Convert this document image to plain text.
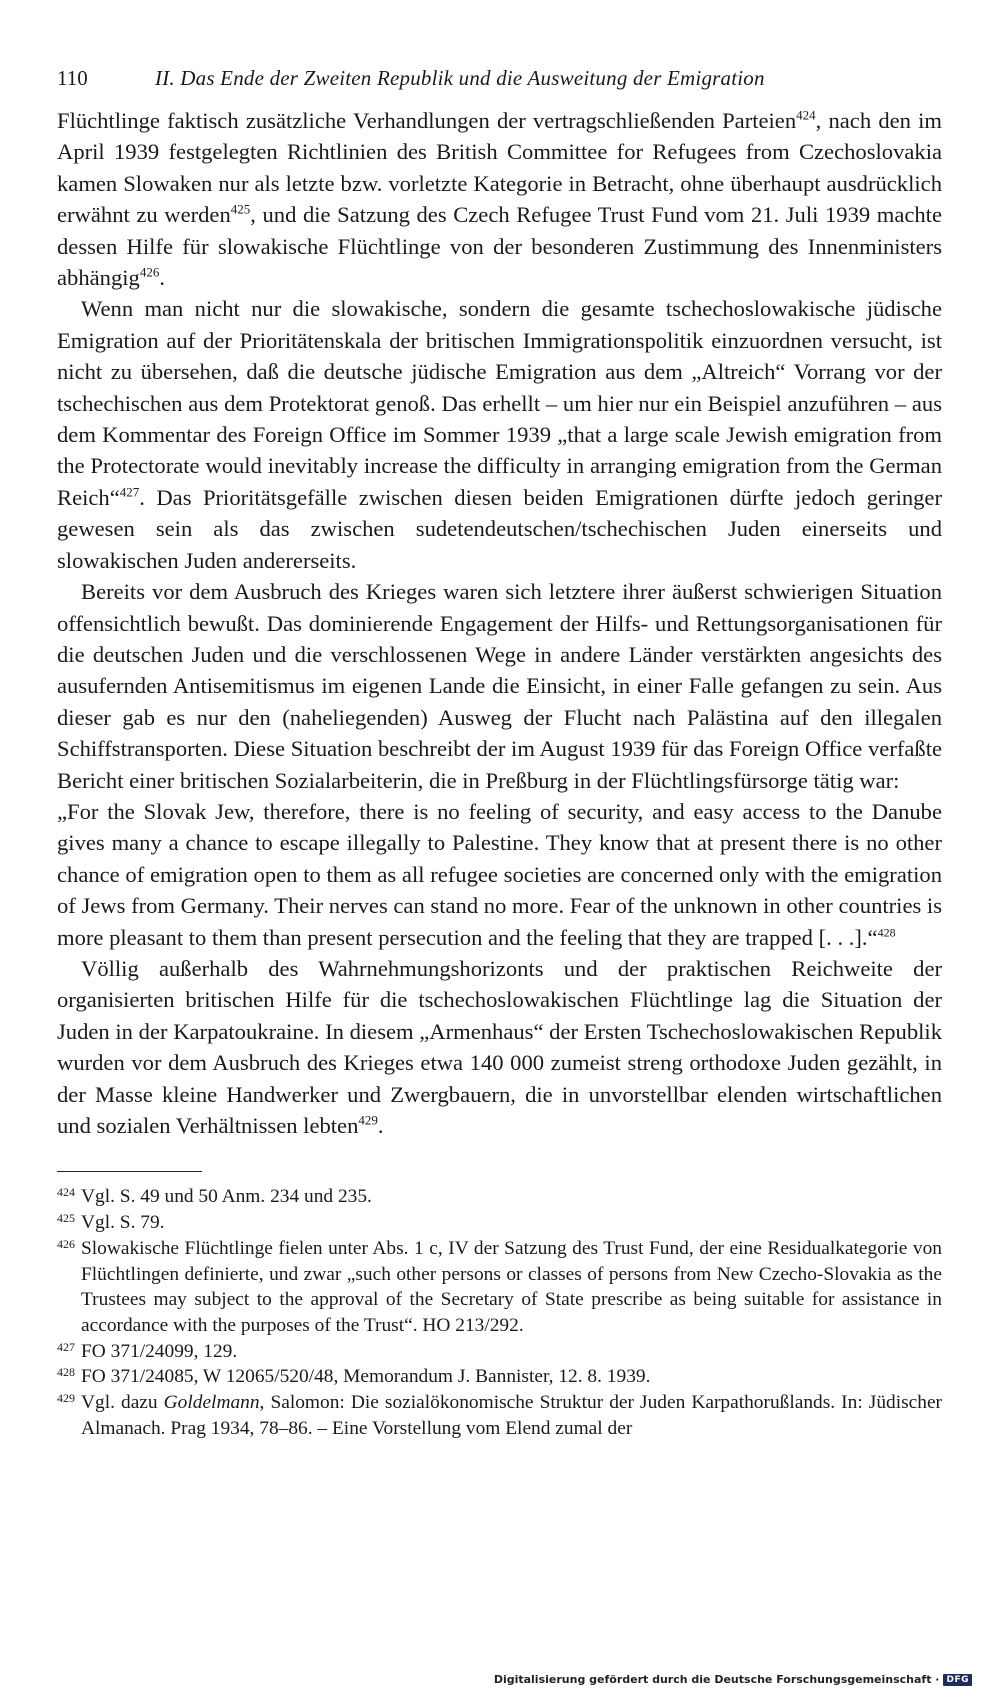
110	II. Das Ende der Zweiten Republik und die Ausweitung der Emigration

Flüchtlinge faktisch zusätzliche Verhandlungen der vertragschließenden Parteien$^{424}$, nach den im April 1939 festgelegten Richtlinien des British Committee for Refugees from Czechoslovakia kamen Slowaken nur als letzte bzw. vorletzte Kategorie in Betracht, ohne überhaupt ausdrücklich erwähnt zu werden$^{425}$, und die Satzung des Czech Refugee Trust Fund vom 21. Juli 1939 machte dessen Hilfe für slowakische Flüchtlinge von der besonderen Zustimmung des Innenministers abhängig$^{426}$.

Wenn man nicht nur die slowakische, sondern die gesamte tschechoslowakische jüdische Emigration auf der Prioritätenskala der britischen Immigrationspolitik einzuordnen versucht, ist nicht zu übersehen, daß die deutsche jüdische Emigration aus dem „Altreich“ Vorrang vor der tschechischen aus dem Protektorat genoß. Das erhellt – um hier nur ein Beispiel anzuführen – aus dem Kommentar des Foreign Office im Sommer 1939 „that a large scale Jewish emigration from the Protectorate would inevitably increase the difficulty in arranging emigration from the German Reich“$^{427}$. Das Prioritätsgefälle zwischen diesen beiden Emigrationen dürfte jedoch geringer gewesen sein als das zwischen sudetendeutschen/tschechischen Juden einerseits und slowakischen Juden andererseits.

Bereits vor dem Ausbruch des Krieges waren sich letztere ihrer äußerst schwierigen Situation offensichtlich bewußt. Das dominierende Engagement der Hilfs- und Rettungsorganisationen für die deutschen Juden und die verschlossenen Wege in andere Länder verstärkten angesichts des ausufernden Antisemitismus im eigenen Lande die Einsicht, in einer Falle gefangen zu sein. Aus dieser gab es nur den (naheliegenden) Ausweg der Flucht nach Palästina auf den illegalen Schiffstransporten. Diese Situation beschreibt der im August 1939 für das Foreign Office verfaßte Bericht einer britischen Sozialarbeiterin, die in Preßburg in der Flüchtlingsfürsorge tätig war:

„For the Slovak Jew, therefore, there is no feeling of security, and easy access to the Danube gives many a chance to escape illegally to Palestine. They know that at present there is no other chance of emigration open to them as all refugee societies are concerned only with the emigration of Jews from Germany. Their nerves can stand no more. Fear of the unknown in other countries is more pleasant to them than present persecution and the feeling that they are trapped [. . .].“$^{428}$

Völlig außerhalb des Wahrnehmungshorizonts und der praktischen Reichweite der organisierten britischen Hilfe für die tschechoslowakischen Flüchtlinge lag die Situation der Juden in der Karpatoukraine. In diesem „Armenhaus“ der Ersten Tschechoslowakischen Republik wurden vor dem Ausbruch des Krieges etwa 140 000 zumeist streng orthodoxe Juden gezählt, in der Masse kleine Handwerker und Zwergbauern, die in unvorstellbar elenden wirtschaftlichen und sozialen Verhältnissen lebten$^{429}$.

424 Vgl. S. 49 und 50 Anm. 234 und 235.
425 Vgl. S. 79.
426 Slowakische Flüchtlinge fielen unter Abs. 1 c, IV der Satzung des Trust Fund, der eine Residualkategorie von Flüchtlingen definierte, und zwar „such other persons or classes of persons from New Czecho-Slovakia as the Trustees may subject to the approval of the Secretary of State prescribe as being suitable for assistance in accordance with the purposes of the Trust“. HO 213/292.
427 FO 371/24099, 129.
428 FO 371/24085, W 12065/520/48, Memorandum J. Bannister, 12. 8. 1939.
429 Vgl. dazu Goldelmann, Salomon: Die sozialökonomische Struktur der Juden Karpathorußlands. In: Jüdischer Almanach. Prag 1934, 78–86. – Eine Vorstellung vom Elend zumal der
Digitalisierung gefördert durch die Deutsche Forschungsgemeinschaft · DFG
